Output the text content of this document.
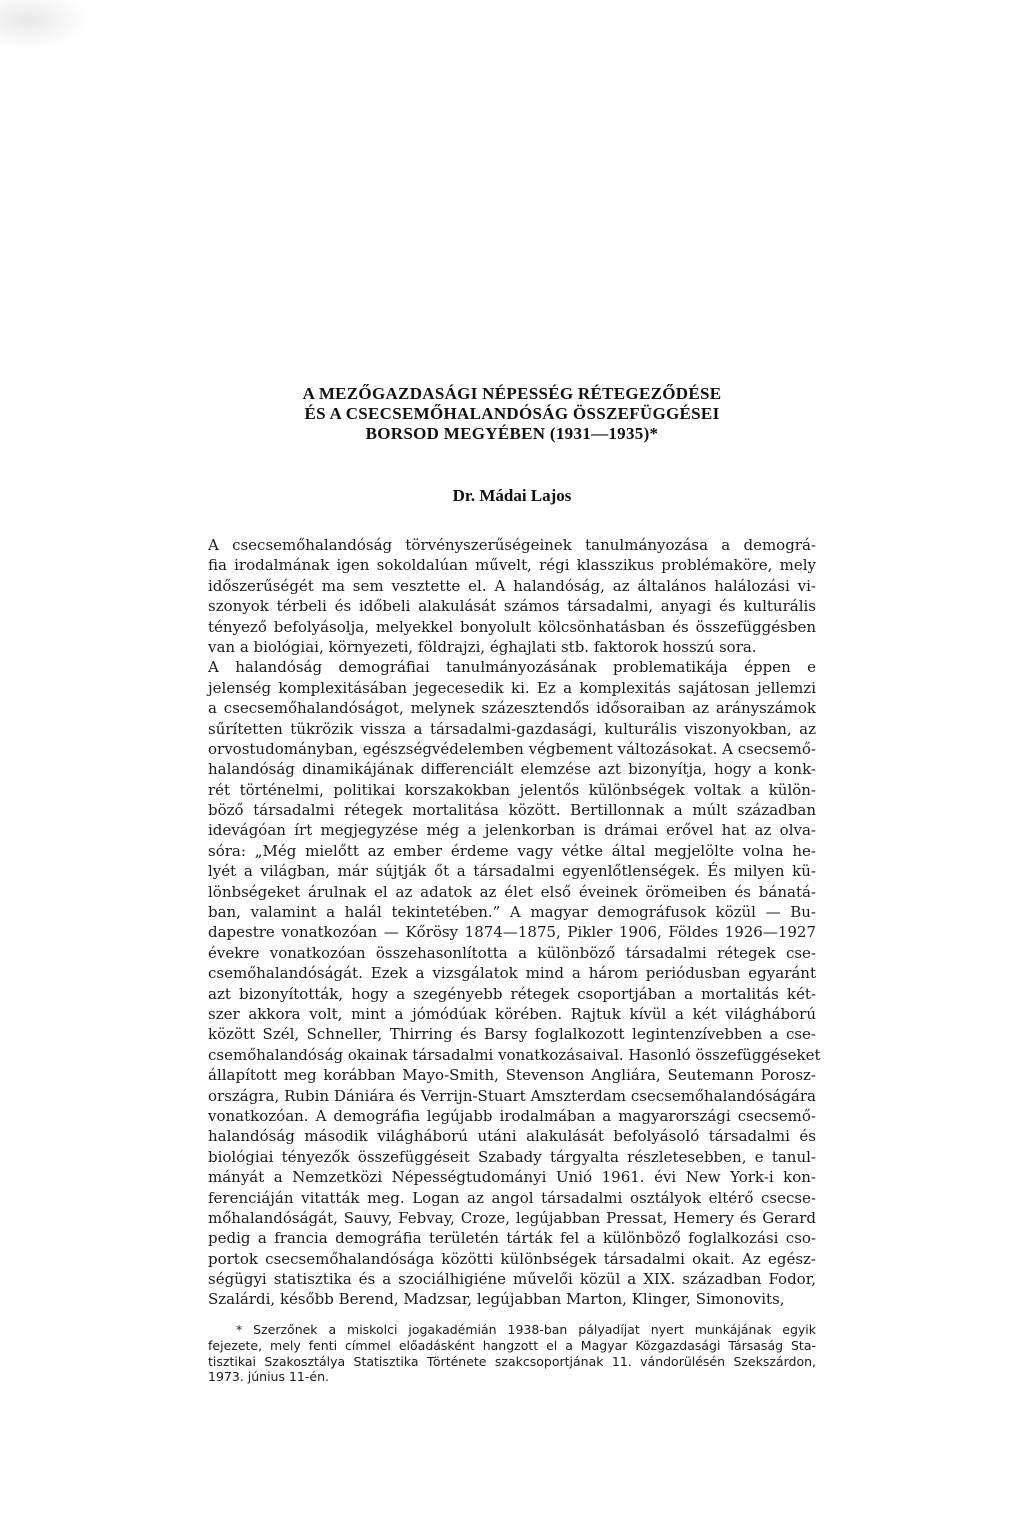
A MEZŐGAZDASÁGI NÉPESSÉG RÉTEGEZŐDÉSE
ÉS A CSECSEMŐHALANDÓSÁG ÖSSZEFÜGGÉSEI
BORSOD MEGYÉBEN (1931—1935)*
Dr. Mádai Lajos
A csecsemőhalandóság törvényszerűségeinek tanulmányozása a demográ-
fia irodalmának igen sokoldalúan művelt, régi klasszikus problémaköre, mely
időszerűségét ma sem vesztette el. A halandóság, az általános halálozási vi-
szonyok térbeli és időbeli alakulását számos társadalmi, anyagi és kulturális
tényező befolyásolja, melyekkel bonyolult kölcsönhatásban és összefüggésben
van a biológiai, környezeti, földrajzi, éghajlati stb. faktorok hosszú sora.
A halandóság demográfiai tanulmányozásának problematikája éppen e
jelenség komplexitásában jegecesedik ki. Ez a komplexitás sajátosan jellemzi
a csecsemőhalandóságot, melynek százesztendős idősoraiban az arányszámok
sűrítetten tükrözik vissza a társadalmi-gazdasági, kulturális viszonyokban, az
orvostudományban, egészségvédelemben végbement változásokat. A csecsemő-
halandóság dinamikájának differenciált elemzése azt bizonyítja, hogy a konk-
rét történelmi, politikai korszakokban jelentős különbségek voltak a külön-
böző társadalmi rétegek mortalitása között. Bertillonnak a múlt században
idevágóan írt megjegyzése még a jelenkorban is drámai erővel hat az olva-
sóra: „Még mielőtt az ember érdeme vagy vétke által megjelölte volna he-
lyét a világban, már sújtják őt a társadalmi egyenlőtlenségek. És milyen kü-
lönbségeket árulnak el az adatok az élet első éveinek örömeiben és bánatá-
ban, valamint a halál tekintetében.” A magyar demográfusok közül — Bu-
dapestre vonatkozóan — Kőrösy 1874—1875, Pikler 1906, Földes 1926—1927
évekre vonatkozóan összehasonlította a különböző társadalmi rétegek cse-
csemőhalandóságát. Ezek a vizsgálatok mind a három periódusban egyaránt
azt bizonyították, hogy a szegényebb rétegek csoportjában a mortalitás két-
szer akkora volt, mint a jómódúak körében. Rajtuk kívül a két világháború
között Szél, Schneller, Thirring és Barsy foglalkozott legintenzívebben a cse-
csemőhalandóság okainak társadalmi vonatkozásaival. Hasonló összefüggéseket
állapított meg korábban Mayo-Smith, Stevenson Angliára, Seutemann Porosz-
országra, Rubin Dániára és Verrijn-Stuart Amszterdam csecsemőhalandóságára
vonatkozóan. A demográfia legújabb irodalmában a magyarországi csecsemő-
halandóság második világháború utáni alakulását befolyásoló társadalmi és
biológiai tényezők összefüggéseit Szabady tárgyalta részletesebben, e tanul-
mányát a Nemzetközi Népességtudományi Unió 1961. évi New York-i kon-
ferenciáján vitatták meg. Logan az angol társadalmi osztályok eltérő csecse-
mőhalandóságát, Sauvy, Febvay, Croze, legújabban Pressat, Hemery és Gerard
pedig a francia demográfia területén tárták fel a különböző foglalkozási cso-
portok csecsemőhalandósága közötti különbségek társadalmi okait. Az egész-
ségügyi statisztika és a szociálhigiéne művelői közül a XIX. században Fodor,
Szalárdi, később Berend, Madzsar, legújabban Marton, Klinger, Simonovits,
* Szerzőnek a miskolci jogakadémián 1938-ban pályadíjat nyert munkájának egyik
fejezete, mely fenti címmel előadásként hangzott el a Magyar Közgazdasági Társaság Sta-
tisztikai Szakosztálya Statisztika Története szakcsoportjának 11. vándorülésén Szekszárdon,
1973. június 11-én.
